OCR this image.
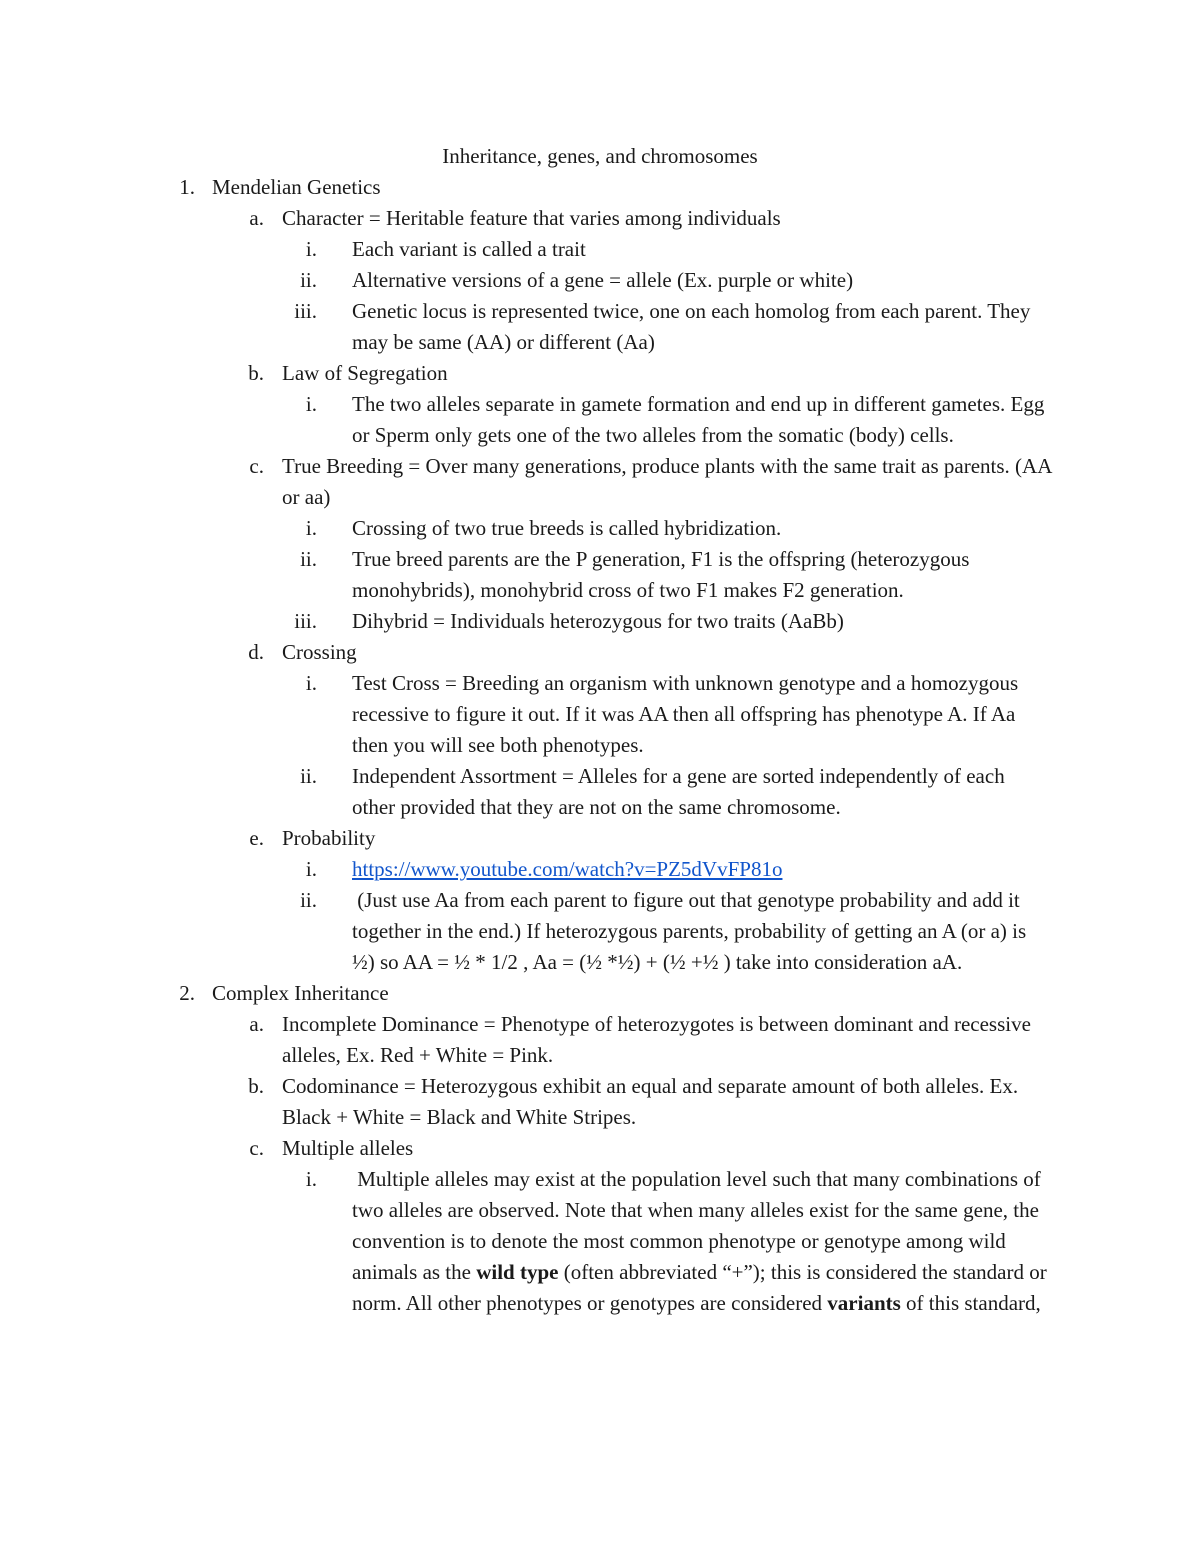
Inheritance, genes, and chromosomes
1. Mendelian Genetics
a. Character = Heritable feature that varies among individuals
i. Each variant is called a trait
ii. Alternative versions of a gene = allele (Ex. purple or white)
iii. Genetic locus is represented twice, one on each homolog from each parent. They may be same (AA) or different (Aa)
b. Law of Segregation
i. The two alleles separate in gamete formation and end up in different gametes. Egg or Sperm only gets one of the two alleles from the somatic (body) cells.
c. True Breeding = Over many generations, produce plants with the same trait as parents. (AA or aa)
i. Crossing of two true breeds is called hybridization.
ii. True breed parents are the P generation, F1 is the offspring (heterozygous monohybrids), monohybrid cross of two F1 makes F2 generation.
iii. Dihybrid = Individuals heterozygous for two traits (AaBb)
d. Crossing
i. Test Cross = Breeding an organism with unknown genotype and a homozygous recessive to figure it out. If it was AA then all offspring has phenotype A. If Aa then you will see both phenotypes.
ii. Independent Assortment = Alleles for a gene are sorted independently of each other provided that they are not on the same chromosome.
e. Probability
i. https://www.youtube.com/watch?v=PZ5dVvFP81o
ii. (Just use Aa from each parent to figure out that genotype probability and add it together in the end.) If heterozygous parents, probability of getting an A (or a) is ½) so AA = ½ * 1/2 , Aa = (½ *½) + (½ +½ ) take into consideration aA.
2. Complex Inheritance
a. Incomplete Dominance = Phenotype of heterozygotes is between dominant and recessive alleles, Ex. Red + White = Pink.
b. Codominance = Heterozygous exhibit an equal and separate amount of both alleles. Ex. Black + White = Black and White Stripes.
c. Multiple alleles
i. Multiple alleles may exist at the population level such that many combinations of two alleles are observed. Note that when many alleles exist for the same gene, the convention is to denote the most common phenotype or genotype among wild animals as the wild type (often abbreviated “+”); this is considered the standard or norm. All other phenotypes or genotypes are considered variants of this standard,
